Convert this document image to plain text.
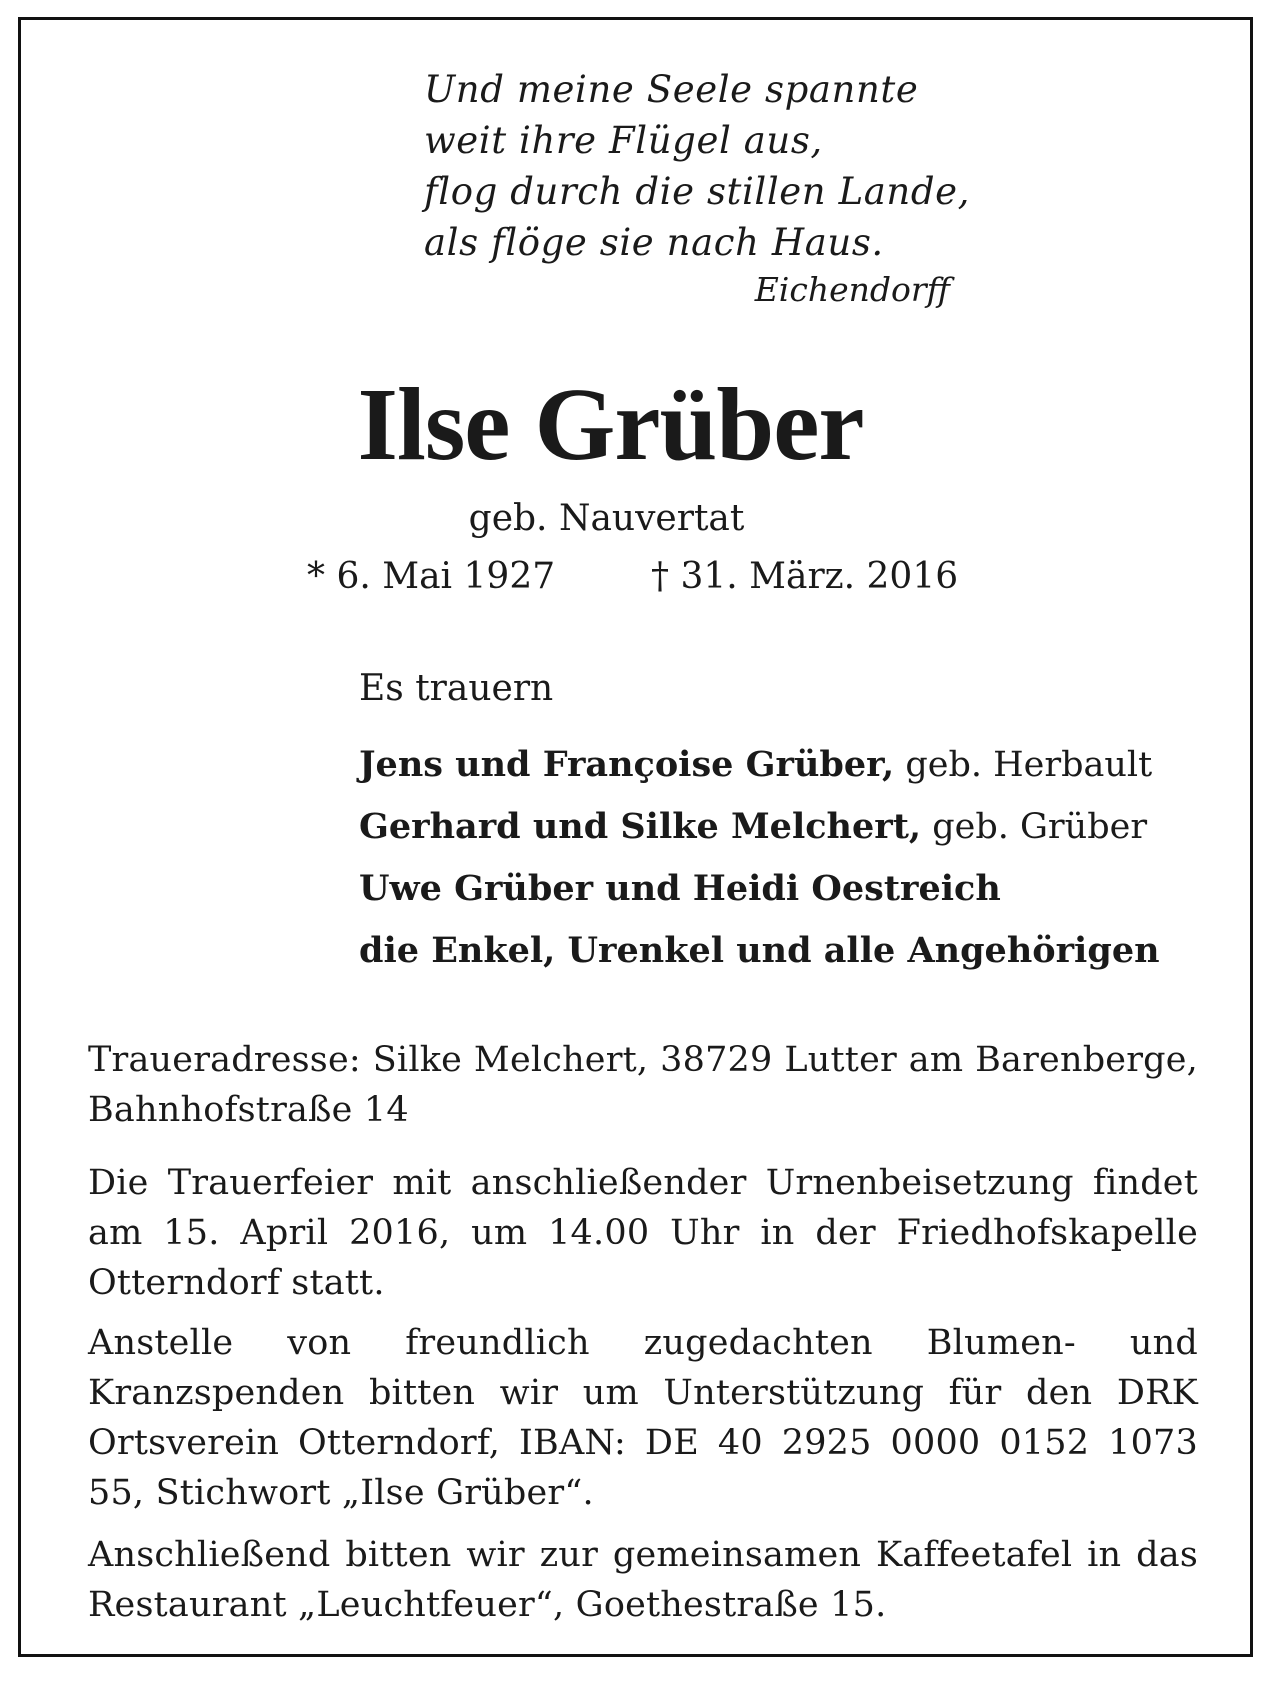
Und meine Seele spannte
weit ihre Flügel aus,
flog durch die stillen Lande,
als flöge sie nach Haus.
Eichendorff
Ilse Grüber
geb. Nauvertat
* 6. Mai 1927	† 31. März. 2016
Es trauern
Jens und Françoise Grüber, geb. Herbault
Gerhard und Silke Melchert, geb. Grüber
Uwe Grüber und Heidi Oestreich
die Enkel, Urenkel und alle Angehörigen
Traueradresse: Silke Melchert, 38729 Lutter am Barenberge, Bahnhofstraße 14
Die Trauerfeier mit anschließender Urnenbeisetzung findet am 15. April 2016, um 14.00 Uhr in der Friedhofskapelle Otterndorf statt.
Anstelle von freundlich zugedachten Blumen- und Kranzspenden bitten wir um Unterstützung für den DRK Ortsverein Otterndorf, IBAN: DE 40 2925 0000 0152 1073 55, Stichwort „Ilse Grüber“.
Anschließend bitten wir zur gemeinsamen Kaffeetafel in das Restaurant „Leuchtfeuer“, Goethestraße 15.
